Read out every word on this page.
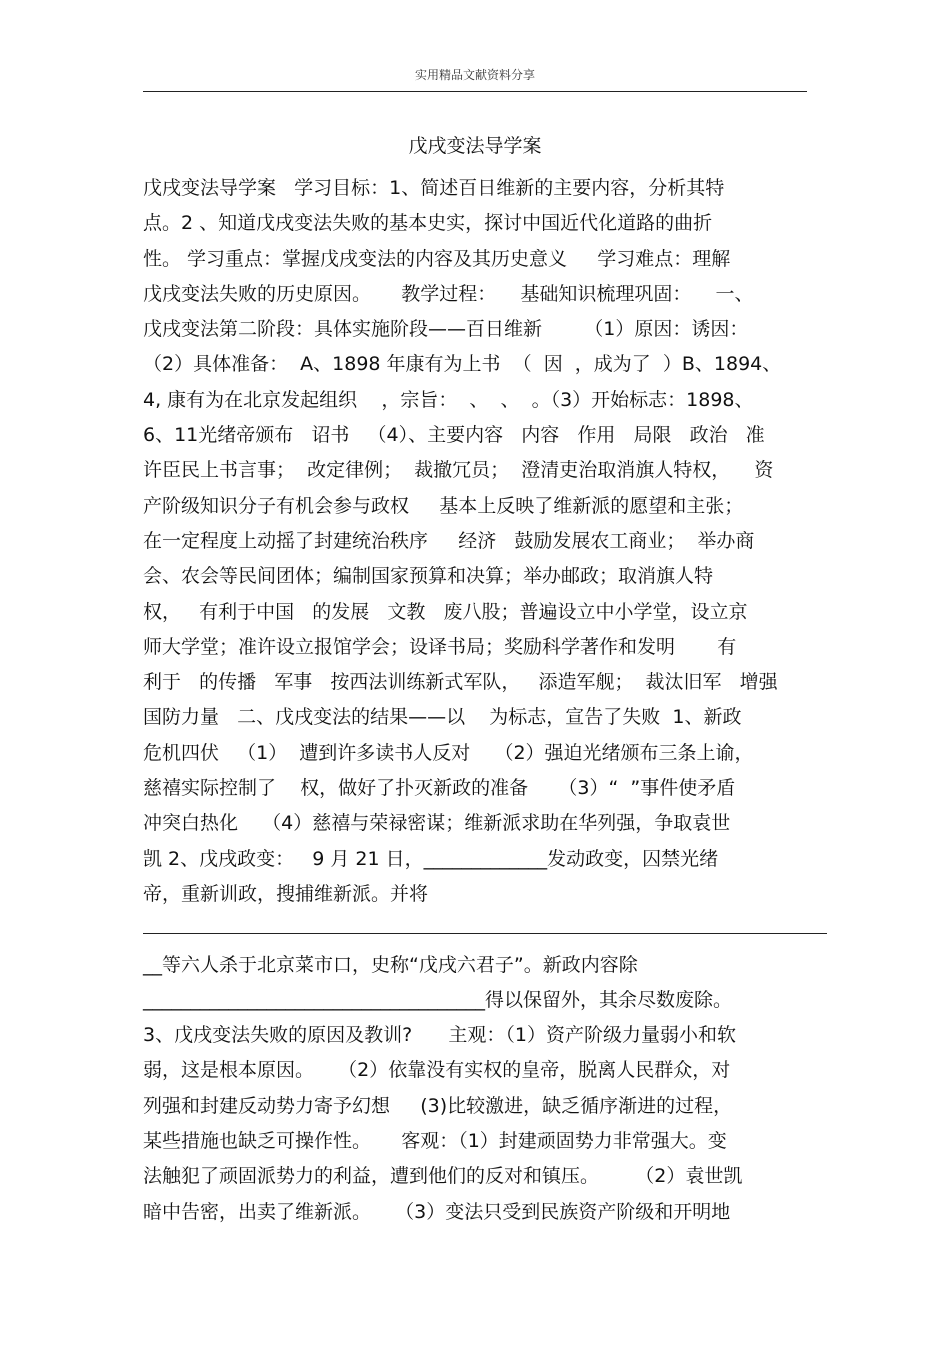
实用精品文献资料分享
戊戌变法导学案
戊戌变法导学案   学习目标：1、简述百日维新的主要内容，分析其特
点。2 、知道戊戌变法失败的基本史实，探讨中国近代化道路的曲折
性。 学习重点：掌握戊戌变法的内容及其历史意义     学习难点：理解
戊戌变法失败的历史原因。     教学过程：    基础知识梳理巩固：    一、
戊戌变法第二阶段：具体实施阶段——百日维新       （1）原因：诱因：
（2）具体准备：  A、1898 年康有为上书  （  因  ，成为了  ）B、1894、
4, 康有为在北京发起组织    ，宗旨：  、  、  。（3）开始标志：1898、
6、11光绪帝颁布   诏书   （4）、主要内容   内容   作用   局限   政治   准
许臣民上书言事；  改定律例；  裁撤冗员；  澄清吏治取消旗人特权，    资
产阶级知识分子有机会参与政权     基本上反映了维新派的愿望和主张；
在一定程度上动摇了封建统治秩序     经济   鼓励发展农工商业；  举办商
会、农会等民间团体；编制国家预算和决算；举办邮政；取消旗人特
权，   有利于中国   的发展   文教   废八股；普遍设立中小学堂，设立京
师大学堂；准许设立报馆学会；设译书局；奖励科学著作和发明       有
利于   的传播   军事   按西法训练新式军队，   添造军舰；  裁汰旧军   增强
国防力量   二、戊戌变法的结果——以    为标志，宣告了失败  1、新政
危机四伏   （1）  遭到许多读书人反对    （2）强迫光绪颁布三条上谕，
慈禧实际控制了    权，做好了扑灭新政的准备     （3）“  ”事件使矛盾
冲突白热化    （4）慈禧与荣禄密谋；维新派求助在华列强，争取袁世
凯 2、戊戌政变：   9 月 21 日，_____________发动政变，囚禁光绪
帝，重新训政，搜捕维新派。并将
__等六人杀于北京菜市口，史称“戊戌六君子”。新政内容除
____________________________________得以保留外，其余尽数废除。
3、戊戌变法失败的原因及教训?      主观：（1）资产阶级力量弱小和软
弱，这是根本原因。    （2）依靠没有实权的皇帝，脱离人民群众，对
列强和封建反动势力寄予幻想     (3)比较激进，缺乏循序渐进的过程，
某些措施也缺乏可操作性。     客观：（1）封建顽固势力非常强大。变
法触犯了顽固派势力的利益，遭到他们的反对和镇压。      （2）袁世凯
暗中告密，出卖了维新派。    （3）变法只受到民族资产阶级和开明地
